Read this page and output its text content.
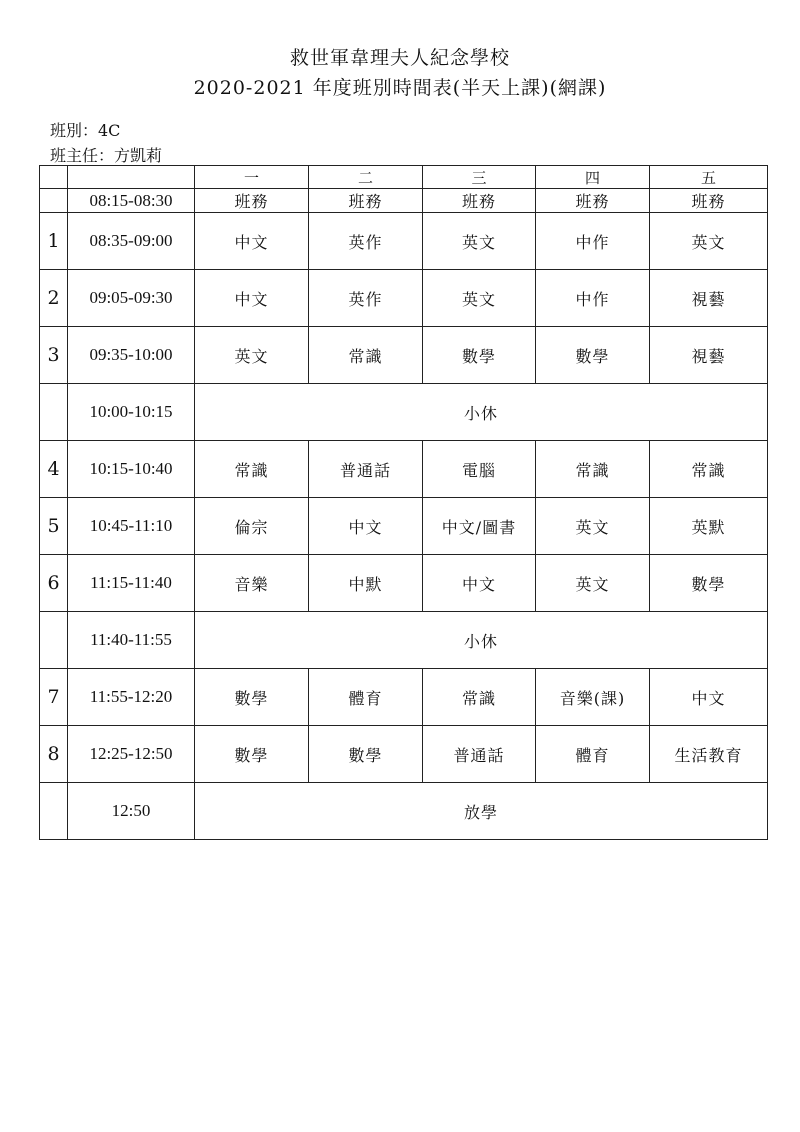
救世軍韋理夫人紀念學校
2020-2021 年度班別時間表(半天上課)(網課)
班別：4C
班主任：方凱莉
		一	二	三	四	五
	08:15-08:30	班務	班務	班務	班務	班務
1	08:35-09:00	中文	英作	英文	中作	英文
2	09:05-09:30	中文	英作	英文	中作	視藝
3	09:35-10:00	英文	常識	數學	數學	視藝
	10:00-10:15	小休				
4	10:15-10:40	常識	普通話	電腦	常識	常識
5	10:45-11:10	倫宗	中文	中文/圖書	英文	英默
6	11:15-11:40	音樂	中默	中文	英文	數學
	11:40-11:55	小休				
7	11:55-12:20	數學	體育	常識	音樂(課)	中文
8	12:25-12:50	數學	數學	普通話	體育	生活教育
	12:50	放學				
